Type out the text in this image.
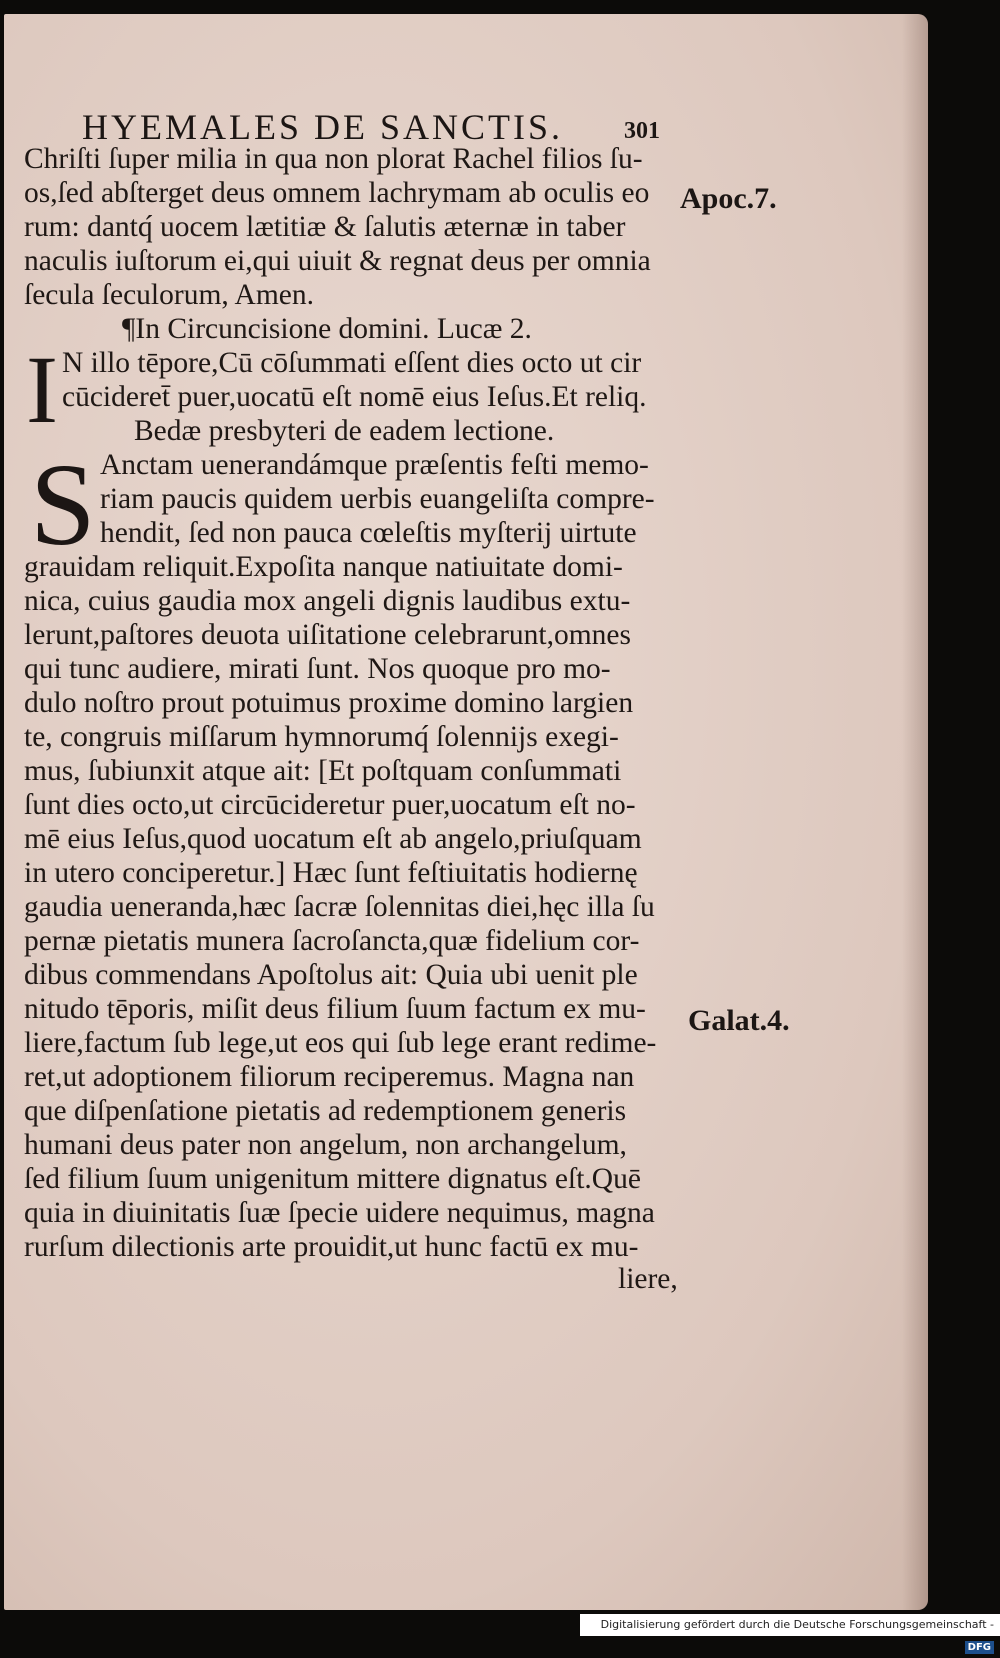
HYEMALES DE SANCTIS.	301
Apoc.7.
Galat.4.
I
S
Chriſti ſuper milia in qua non plorat Rachel filios ſu-
os,ſed abſterget deus omnem lachrymam ab oculis eo
rum: dantq́ uocem lætitiæ & ſalutis æternæ in taber
naculis iuſtorum ei,qui uiuit & regnat deus per omnia
ſecula ſeculorum, Amen.
¶In Circuncisione domini. Lucæ 2.
N illo tēpore,Cū cōſummati eſſent dies octo ut cir
cūcideret̄ puer,uocatū eſt nomē eius Ieſus.Et reliq.
Bedæ presbyteri de eadem lectione.
Anctam uenerandámque præſentis feſti memo-
riam paucis quidem uerbis euangeliſta compre-
hendit, ſed non pauca cœleſtis myſterij uirtute
grauidam reliquit.Expoſita nanque natiuitate domi-
nica, cuius gaudia mox angeli dignis laudibus extu-
lerunt,paſtores deuota uiſitatione celebrarunt,omnes
qui tunc audiere, mirati ſunt. Nos quoque pro mo-
dulo noſtro prout potuimus proxime domino largien
te, congruis miſſarum hymnorumq́ ſolennijs exegi-
mus, ſubiunxit atque ait: [Et poſtquam conſummati
ſunt dies octo,ut circūcideretur puer,uocatum eſt no-
mē eius Ieſus,quod uocatum eſt ab angelo,priuſquam
in utero conciperetur.] Hæc ſunt feſtiuitatis hodiernę
gaudia ueneranda,hæc ſacræ ſolennitas diei,hęc illa ſu
pernæ pietatis munera ſacroſancta,quæ fidelium cor-
dibus commendans Apoſtolus ait: Quia ubi uenit ple
nitudo tēporis, miſit deus filium ſuum factum ex mu-
liere,factum ſub lege,ut eos qui ſub lege erant redime-
ret,ut adoptionem filiorum reciperemus. Magna nan
que diſpenſatione pietatis ad redemptionem generis
humani deus pater non angelum, non archangelum,
ſed filium ſuum unigenitum mittere dignatus eſt.Quē
quia in diuinitatis ſuæ ſpecie uidere nequimus, magna
rurſum dilectionis arte prouidit,ut hunc factū ex mu-
liere,
Digitalisierung gefördert durch die Deutsche Forschungsgemeinschaft - DFG
